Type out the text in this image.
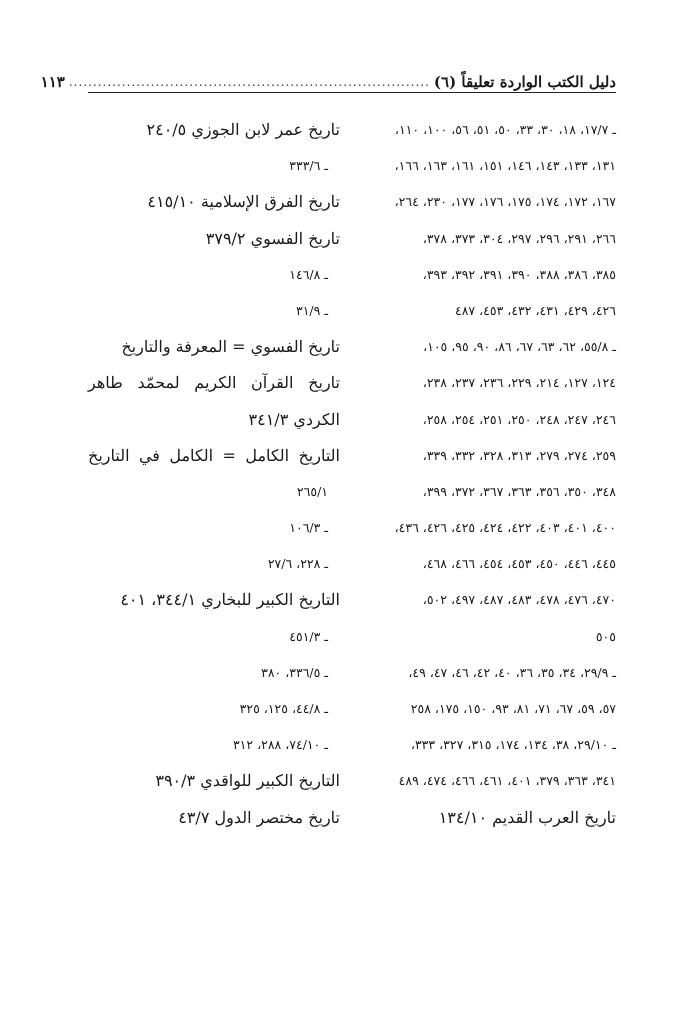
دليل الكتب الواردة تعليقاً (٦)
...........................................................................
١١٣
ـ ١٧/٧، ١٨، ٣٠، ٣٣، ٥٠، ٥١، ٥٦، ١٠٠، ١١٠،
١٣١، ١٣٣، ١٤٣، ١٤٦، ١٥١، ١٦١، ١٦٣، ١٦٦،
١٦٧، ١٧٢، ١٧٤، ١٧٥، ١٧٦، ١٧٧، ٢٣٠، ٢٦٤،
٢٦٦، ٢٩١، ٢٩٦، ٢٩٧، ٣٠٤، ٣٧٣، ٣٧٨،
٣٨٥، ٣٨٦، ٣٨٨، ٣٩٠، ٣٩١، ٣٩٢، ٣٩٣،
٤٢٦، ٤٢٩، ٤٣١، ٤٣٢، ٤٥٣، ٤٨٧
ـ ٥٥/٨، ٦٢، ٦٣، ٦٧، ٨٦، ٩٠، ٩٥، ١٠٥،
١٢٤، ١٢٧، ٢١٤، ٢٢٩، ٢٣٦، ٢٣٧، ٢٣٨،
٢٤٦، ٢٤٧، ٢٤٨، ٢٥٠، ٢٥١، ٢٥٤، ٢٥٨،
٢٥٩، ٢٧٤، ٢٧٩، ٣١٣، ٣٢٨، ٣٣٢، ٣٣٩،
٣٤٨، ٣٥٠، ٣٥٦، ٣٦٣، ٣٦٧، ٣٧٢، ٣٩٩،
٤٠٠، ٤٠١، ٤٠٣، ٤٢٢، ٤٢٤، ٤٢٥، ٤٢٦، ٤٣٦،
٤٤٥، ٤٤٦، ٤٥٠، ٤٥٣، ٤٥٤، ٤٦٦، ٤٦٨،
٤٧٠، ٤٧٦، ٤٧٨، ٤٨٣، ٤٨٧، ٤٩٧، ٥٠٢،
٥٠٥
ـ ٢٩/٩، ٣٤، ٣٥، ٣٦، ٤٠، ٤٢، ٤٦، ٤٧، ٤٩،
٥٧، ٥٩، ٦٧، ٧١، ٨١، ٩٣، ١٥٠، ١٧٥، ٢٥٨
ـ ٢٩/١٠، ٣٨، ١٣٤، ١٧٤، ٣١٥، ٣٢٧، ٣٣٣،
٣٤١، ٣٦٣، ٣٧٩، ٤٠١، ٤٦١، ٤٦٦، ٤٧٤، ٤٨٩
تاريخ العرب القديم ١٣٤/١٠
تاريخ عمر لابن الجوزي ٢٤٠/٥
ـ ٣٣٣/٦
تاريخ الفرق الإسلامية ٤١٥/١٠
تاريخ الفسوي ٣٧٩/٢
ـ ١٤٦/٨
ـ ٣١/٩
تاريخ الفسوي = المعرفة والتاريخ
تاريخ القرآن الكريم لمحمّد طاهر
الكردي ٣٤١/٣
التاريخ الكامل = الكامل في التاريخ
٢٦٥/١
ـ ١٠٦/٣
ـ ٢٢٨، ٢٧/٦
التاريخ الكبير للبخاري ٣٤٤/١، ٤٠١
ـ ٤٥١/٣
ـ ٣٣٦/٥، ٣٨٠
ـ ٤٤/٨، ١٢٥، ٣٢٥
ـ ٧٤/١٠، ٢٨٨، ٣١٢
التاريخ الكبير للواقدي ٣٩٠/٣
تاريخ مختصر الدول ٤٣/٧
